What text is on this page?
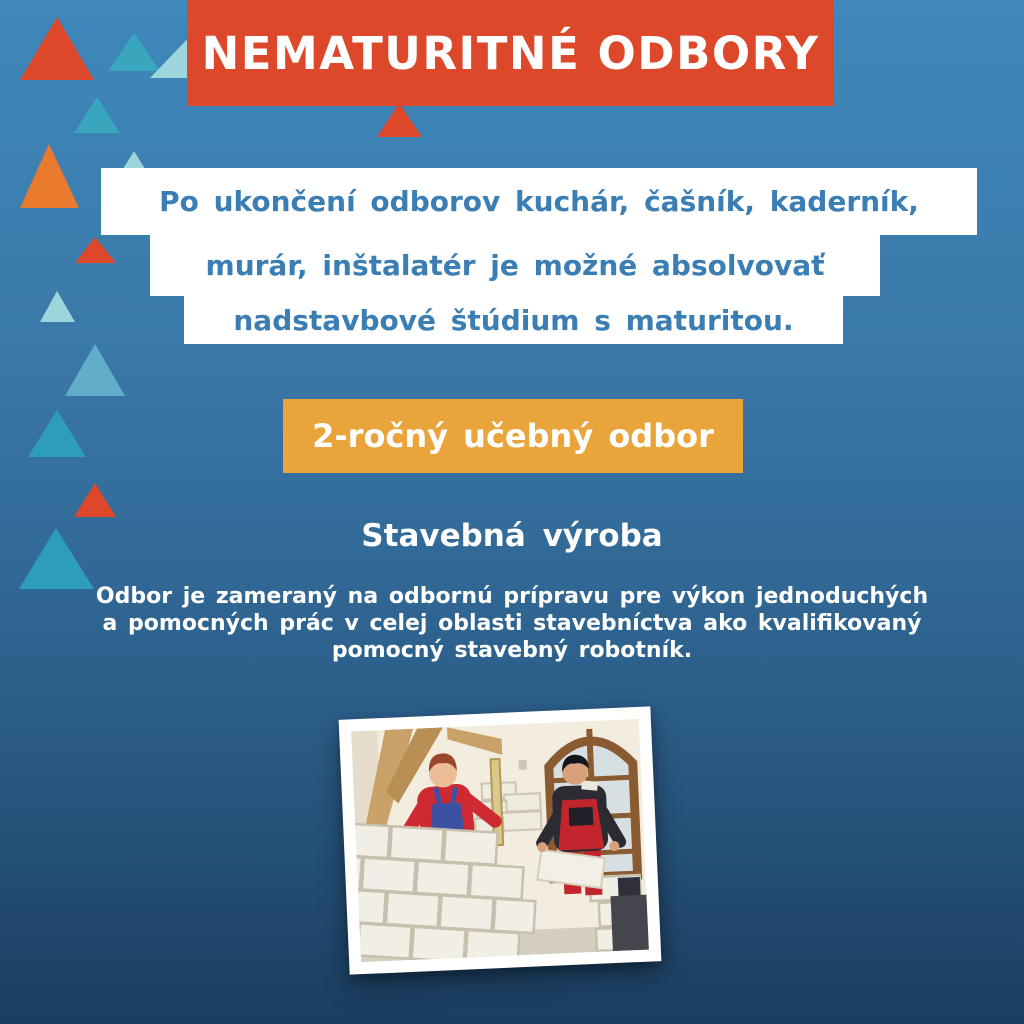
NEMATURITNÉ ODBORY
Po ukončení odborov kuchár, čašník, kaderník,
murár, inštalatér je možné absolvovať
nadstavbové štúdium s maturitou.
2-ročný učebný odbor
Stavebná výroba
Odbor je zameraný na odbornú prípravu pre výkon jednoduchých
a pomocných prác v celej oblasti stavebníctva ako kvalifikovaný
pomocný stavebný robotník.
